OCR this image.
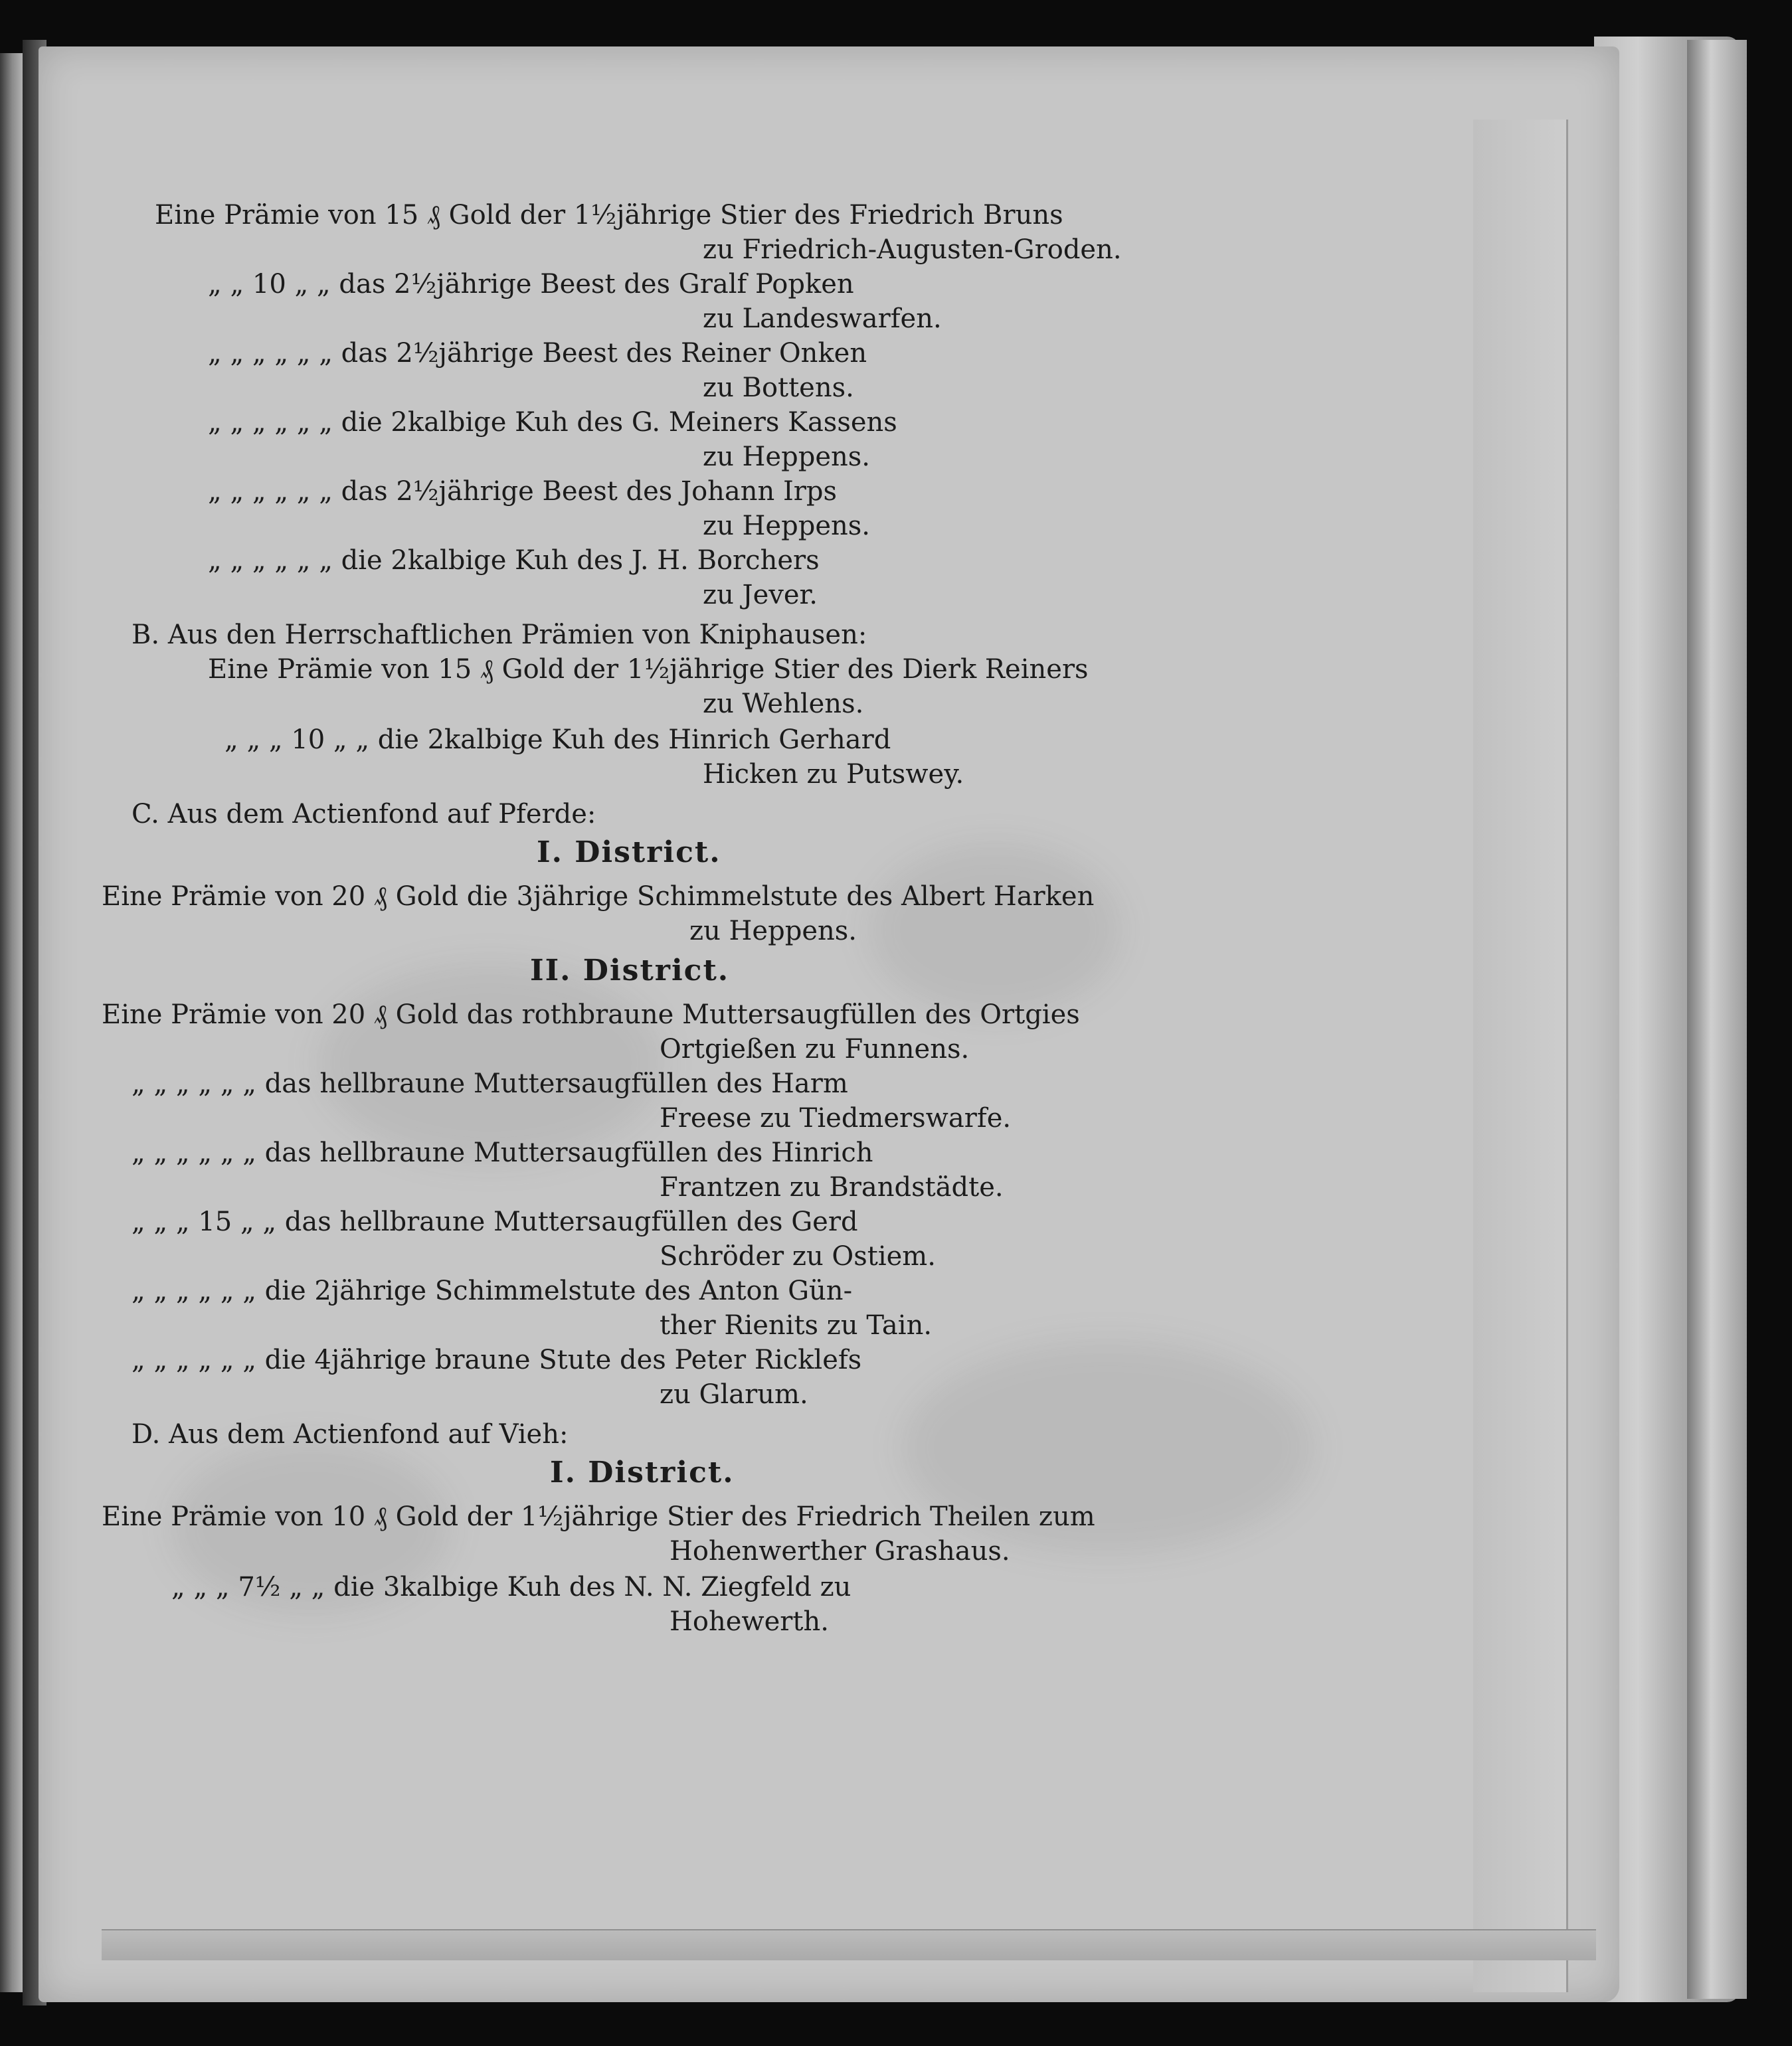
Eine Prämie von 15 ₰ Gold der 1½jährige Stier des Friedrich Bruns
zu Friedrich-Augusten-Groden.
„ „ 10 „ „ das 2½jährige Beest des Gralf Popken
zu Landeswarfen.
„ „ „ „ „ „ das 2½jährige Beest des Reiner Onken
zu Bottens.
„ „ „ „ „ „ die 2kalbige Kuh des G. Meiners Kassens
zu Heppens.
„ „ „ „ „ „ das 2½jährige Beest des Johann Irps
zu Heppens.
„ „ „ „ „ „ die 2kalbige Kuh des J. H. Borchers
zu Jever.
B. Aus den Herrschaftlichen Prämien von Kniphausen:
Eine Prämie von 15 ₰ Gold der 1½jährige Stier des Dierk Reiners
zu Wehlens.
„ „ „ 10 „ „ die 2kalbige Kuh des Hinrich Gerhard
Hicken zu Putswey.
C. Aus dem Actienfond auf Pferde:
I. District.
Eine Prämie von 20 ₰ Gold die 3jährige Schimmelstute des Albert Harken
zu Heppens.
II. District.
Eine Prämie von 20 ₰ Gold das rothbraune Muttersaugfüllen des Ortgies
Ortgießen zu Funnens.
„ „ „ „ „ „ das hellbraune Muttersaugfüllen des Harm
Freese zu Tiedmerswarfe.
„ „ „ „ „ „ das hellbraune Muttersaugfüllen des Hinrich
Frantzen zu Brandstädte.
„ „ „ 15 „ „ das hellbraune Muttersaugfüllen des Gerd
Schröder zu Ostiem.
„ „ „ „ „ „ die 2jährige Schimmelstute des Anton Gün-
ther Rienits zu Tain.
„ „ „ „ „ „ die 4jährige braune Stute des Peter Ricklefs
zu Glarum.
D. Aus dem Actienfond auf Vieh:
I. District.
Eine Prämie von 10 ₰ Gold der 1½jährige Stier des Friedrich Theilen zum
Hohenwerther Grashaus.
„ „ „ 7½ „ „ die 3kalbige Kuh des N. N. Ziegfeld zu
Hohewerth.
